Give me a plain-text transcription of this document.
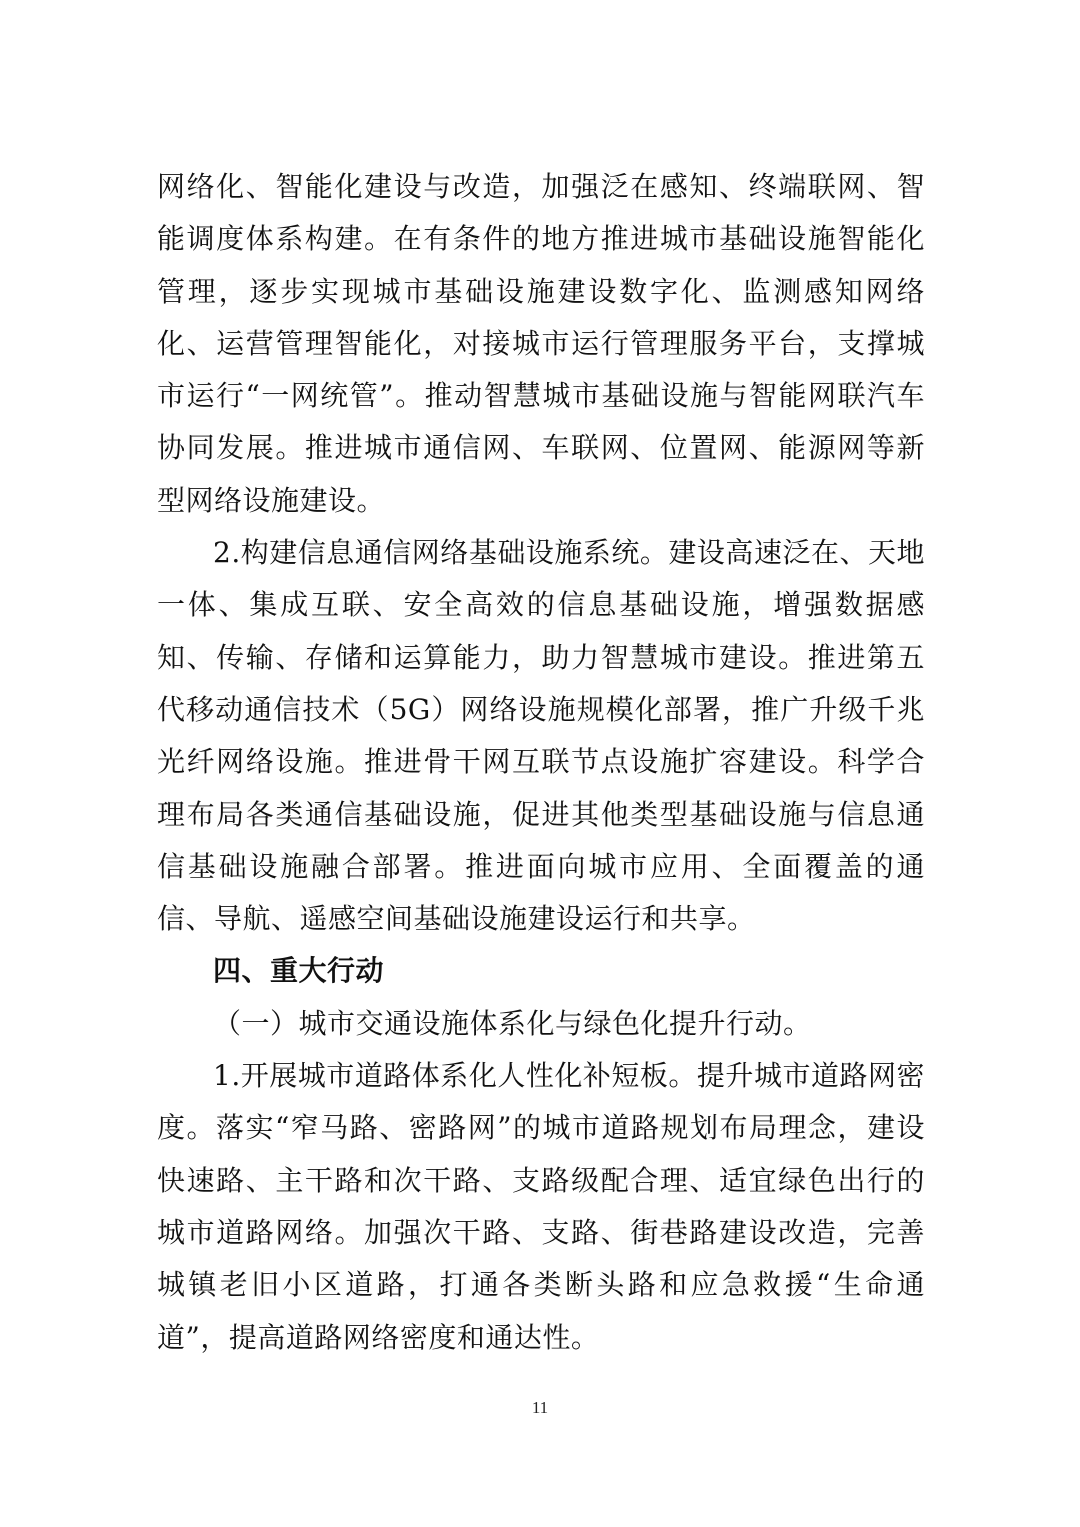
网络化、智能化建设与改造，加强泛在感知、终端联网、智能调度体系构建。在有条件的地方推进城市基础设施智能化管理，逐步实现城市基础设施建设数字化、监测感知网络化、运营管理智能化，对接城市运行管理服务平台，支撑城市运行“一网统管”。推动智慧城市基础设施与智能网联汽车协同发展。推进城市通信网、车联网、位置网、能源网等新型网络设施建设。

2.构建信息通信网络基础设施系统。建设高速泛在、天地一体、集成互联、安全高效的信息基础设施，增强数据感知、传输、存储和运算能力，助力智慧城市建设。推进第五代移动通信技术（5G）网络设施规模化部署，推广升级千兆光纤网络设施。推进骨干网互联节点设施扩容建设。科学合理布局各类通信基础设施，促进其他类型基础设施与信息通信基础设施融合部署。推进面向城市应用、全面覆盖的通信、导航、遥感空间基础设施建设运行和共享。

四、重大行动

（一）城市交通设施体系化与绿色化提升行动。

1.开展城市道路体系化人性化补短板。提升城市道路网密度。落实“窄马路、密路网”的城市道路规划布局理念，建设快速路、主干路和次干路、支路级配合理、适宜绿色出行的城市道路网络。加强次干路、支路、街巷路建设改造，完善城镇老旧小区道路，打通各类断头路和应急救援“生命通道”，提高道路网络密度和通达性。

11
